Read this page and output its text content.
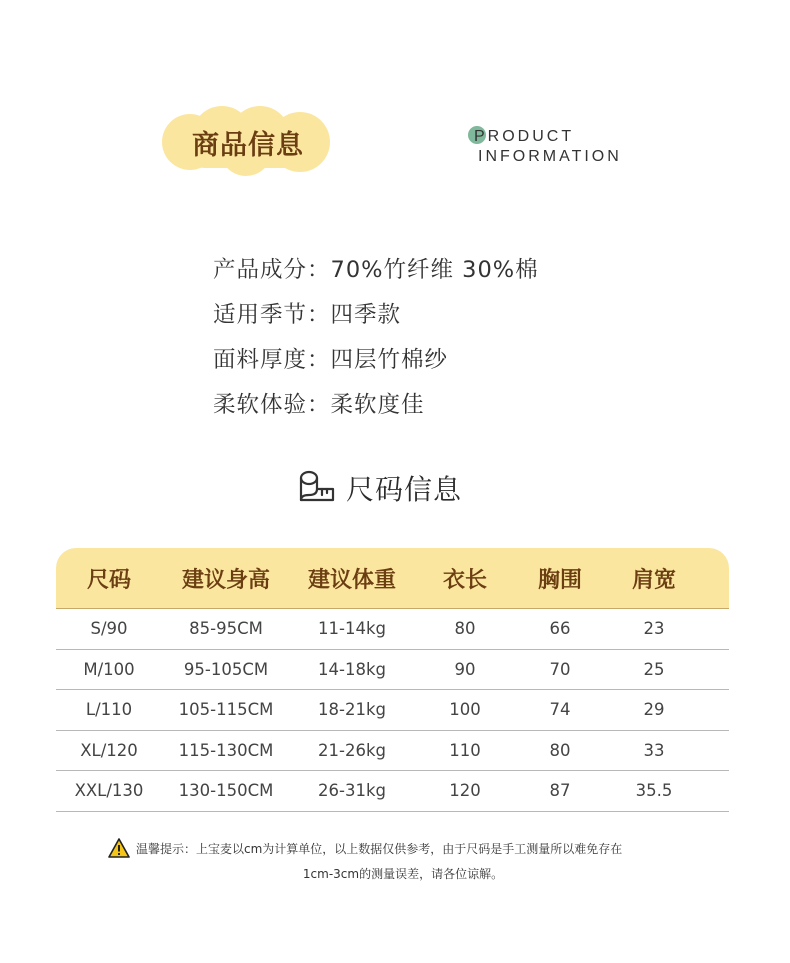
商品信息	PRODUCT
INFORMATION
产品成分：70%竹纤维 30%棉
适用季节：四季款
面料厚度：四层竹棉纱
柔软体验：柔软度佳
尺码信息
尺码	建议身高	建议体重	衣长	胸围	肩宽
S/90	85-95CM	11-14kg	80	66	23
M/100	95-105CM	14-18kg	90	70	25
L/110	105-115CM	18-21kg	100	74	29
XL/120	115-130CM	21-26kg	110	80	33
XXL/130	130-150CM	26-31kg	120	87	35.5
温馨提示：上宝麦以cm为计算单位，以上数据仅供参考，由于尺码是手工测量所以难免存在
1cm-3cm的测量误差，请各位谅解。
